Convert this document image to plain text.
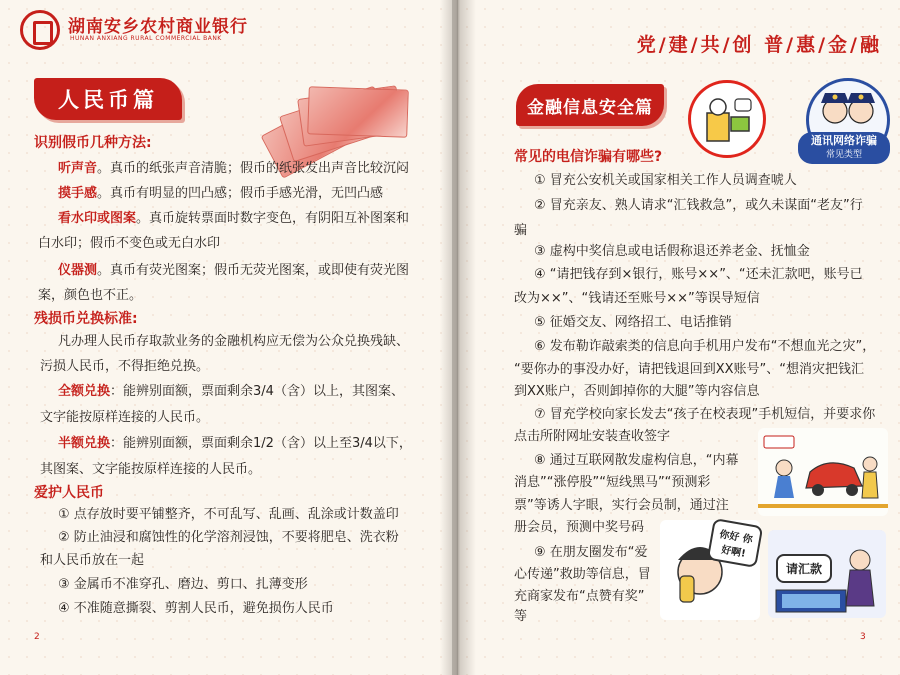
湖南安乡农村商业银行
HUNAN ANXIANG RURAL COMMERCIAL BANK	党/建/共/创 普/惠/金/融
人民币篇
识别假币几种方法:
听声音。真币的纸张声音清脆；假币的纸张发出声音比较沉闷
摸手感。真币有明显的凹凸感；假币手感光滑，无凹凸感
看水印或图案。真币旋转票面时数字变色，有阴阳互补图案和
白水印；假币不变色或无白水印
仪器测。真币有荧光图案；假币无荧光图案，或即使有荧光图
案，颜色也不正。
残损币兑换标准:
凡办理人民币存取款业务的金融机构应无偿为公众兑换残缺、
污损人民币，不得拒绝兑换。
全额兑换：能辨别面额，票面剩余3/4（含）以上，其图案、
文字能按原样连接的人民币。
半额兑换：能辨别面额，票面剩余1/2（含）以上至3/4以下，
其图案、文字能按原样连接的人民币。
爱护人民币
① 点存放时要平铺整齐，不可乱写、乱画、乱涂或计数盖印
② 防止油浸和腐蚀性的化学溶剂浸蚀，不要将肥皂、洗衣粉
和人民币放在一起
③ 金属币不准穿孔、磨边、剪口、扎薄变形
④ 不准随意撕裂、剪割人民币，避免损伤人民币
金融信息安全篇
通讯网络诈骗
常见类型
常见的电信诈骗有哪些?
① 冒充公安机关或国家相关工作人员调查唬人
② 冒充亲友、熟人请求“汇钱救急”，或久未谋面“老友”行
骗
③ 虚构中奖信息或电话假称退还养老金、抚恤金
④ “请把钱存到×银行，账号××”、“还未汇款吧，账号已
改为××”、“钱请还至账号××”等误导短信
⑤ 征婚交友、网络招工、电话推销
⑥ 发布勒诈敲索类的信息向手机用户发布“不想血光之灾”，
“要你办的事没办好，请把钱退回到XX账号”、“想消灾把钱汇
到XX账户，否则卸掉你的大腿”等内容信息
⑦ 冒充学校向家长发去“孩子在校表现”手机短信，并要求你
点击所附网址安装查收签字
⑧ 通过互联网散发虚构信息，“内幕
消息”“涨停股”“短线黑马”“预测彩
票”等诱人字眼，实行会员制，通过注
册会员，预测中奖号码
⑨ 在朋友圈发布“爱
心传递”救助等信息，冒
充商家发布“点赞有奖”
等
你好 你好啊!
请汇款
2	3
